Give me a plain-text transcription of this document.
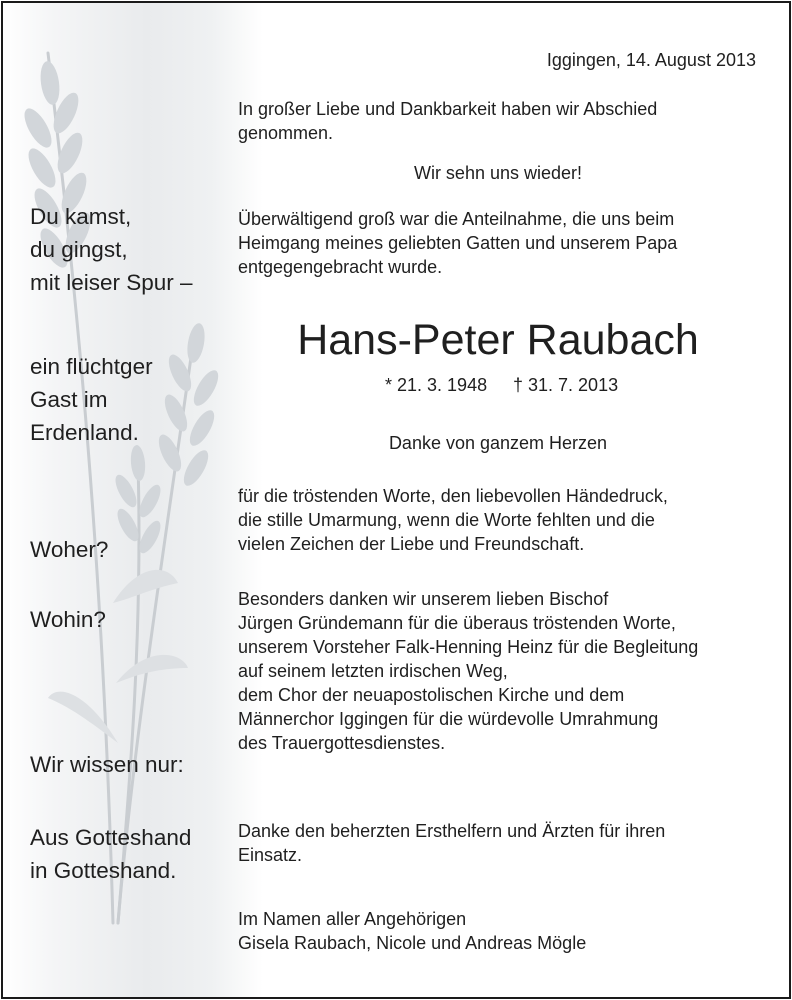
Du kamst,
du gingst,
mit leiser Spur –
ein flüchtger
Gast im
Erdenland.
Woher?
Wohin?
Wir wissen nur:
Aus Gotteshand
in Gotteshand.
Iggingen, 14. August 2013
In großer Liebe und Dankbarkeit haben wir Abschied
genommen.
Wir sehn uns wieder!
Überwältigend groß war die Anteilnahme, die uns beim
Heimgang meines geliebten Gatten und unserem Papa
entgegengebracht wurde.
Hans-Peter Raubach
* 21. 3. 1948 † 31. 7. 2013
Danke von ganzem Herzen
für die tröstenden Worte, den liebevollen Händedruck,
die stille Umarmung, wenn die Worte fehlten und die
vielen Zeichen der Liebe und Freundschaft.
Besonders danken wir unserem lieben Bischof
Jürgen Gründemann für die überaus tröstenden Worte,
unserem Vorsteher Falk-Henning Heinz für die Begleitung
auf seinem letzten irdischen Weg,
dem Chor der neuapostolischen Kirche und dem
Männerchor Iggingen für die würdevolle Umrahmung
des Trauergottesdienstes.
Danke den beherzten Ersthelfern und Ärzten für ihren
Einsatz.
Im Namen aller Angehörigen
Gisela Raubach, Nicole und Andreas Mögle
